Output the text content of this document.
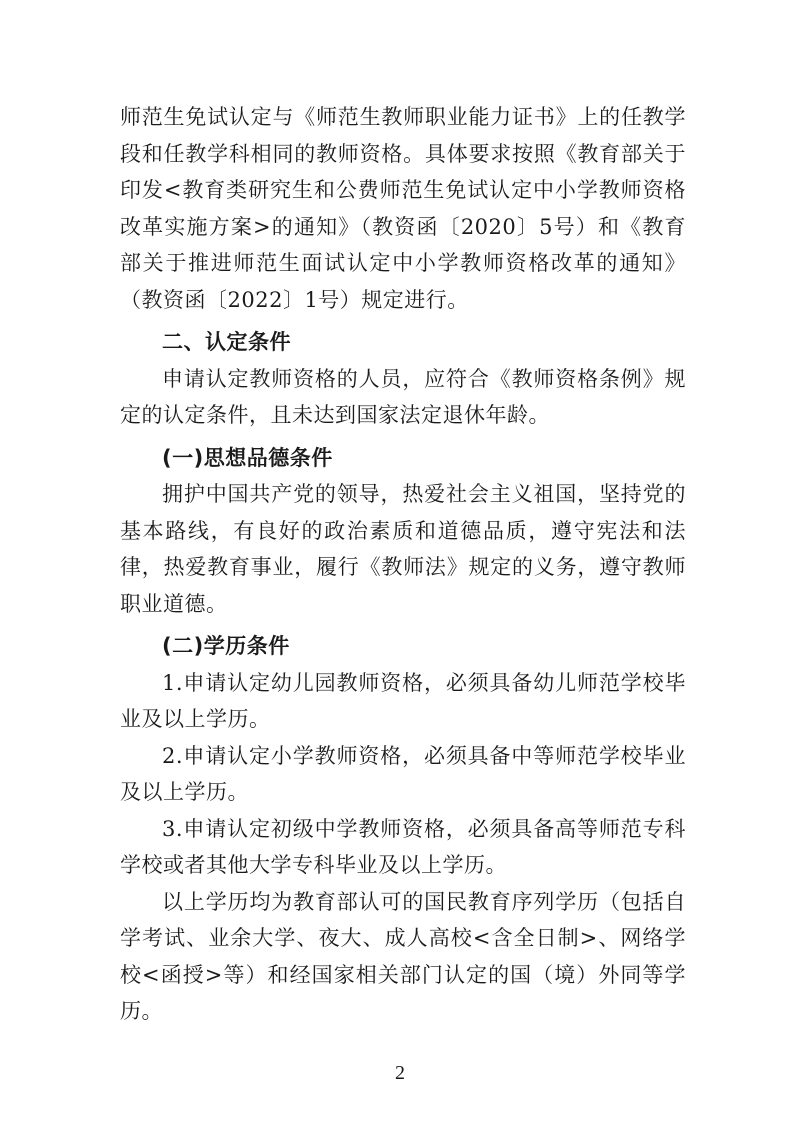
师范生免试认定与《师范生教师职业能力证书》上的任教学段和任教学科相同的教师资格。具体要求按照《教育部关于印发<教育类研究生和公费师范生免试认定中小学教师资格改革实施方案>的通知》（教资函〔2020〕5号）和《教育部关于推进师范生面试认定中小学教师资格改革的通知》（教资函〔2022〕1号）规定进行。

二、认定条件

申请认定教师资格的人员，应符合《教师资格条例》规定的认定条件，且未达到国家法定退休年龄。

(一)思想品德条件

拥护中国共产党的领导，热爱社会主义祖国，坚持党的基本路线，有良好的政治素质和道德品质，遵守宪法和法律，热爱教育事业，履行《教师法》规定的义务，遵守教师职业道德。

(二)学历条件

1.申请认定幼儿园教师资格，必须具备幼儿师范学校毕业及以上学历。

2.申请认定小学教师资格，必须具备中等师范学校毕业及以上学历。

3.申请认定初级中学教师资格，必须具备高等师范专科学校或者其他大学专科毕业及以上学历。

以上学历均为教育部认可的国民教育序列学历（包括自学考试、业余大学、夜大、成人高校<含全日制>、网络学校<函授>等）和经国家相关部门认定的国（境）外同等学历。

2
